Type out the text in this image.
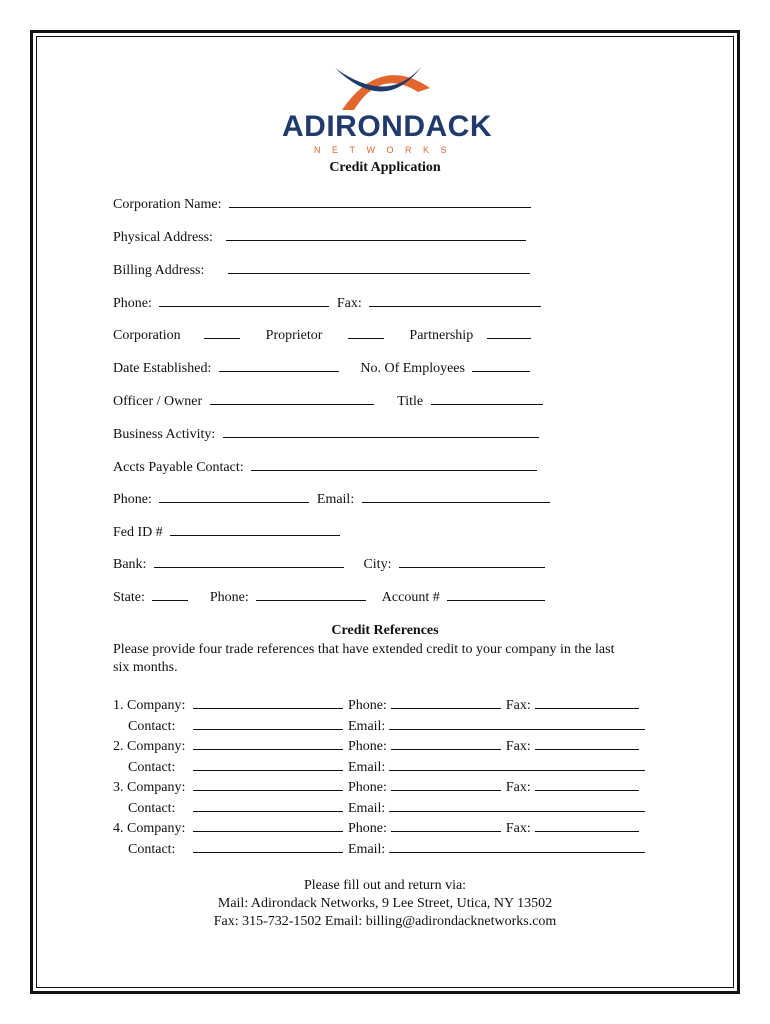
ADIRONDACK
NETWORKS
Credit Application
Corporation Name:
Physical Address:
Billing Address:
Phone:	Fax:
Corporation	Proprietor	Partnership
Date Established:	No. Of Employees
Officer / Owner	Title
Business Activity:
Accts Payable Contact:
Phone:	Email:
Fed ID #
Bank:	City:
State:	Phone:	Account #
Credit References
Please provide four trade references that have extended credit to your company in the last
six months.
1. Company:	Phone:	Fax:
Contact:	Email:
2. Company:	Phone:	Fax:
Contact:	Email:
3. Company:	Phone:	Fax:
Contact:	Email:
4. Company:	Phone:	Fax:
Contact:	Email:
Please fill out and return via:
Mail: Adirondack Networks, 9 Lee Street, Utica, NY 13502
Fax: 315-732-1502 Email: billing@adirondacknetworks.com
